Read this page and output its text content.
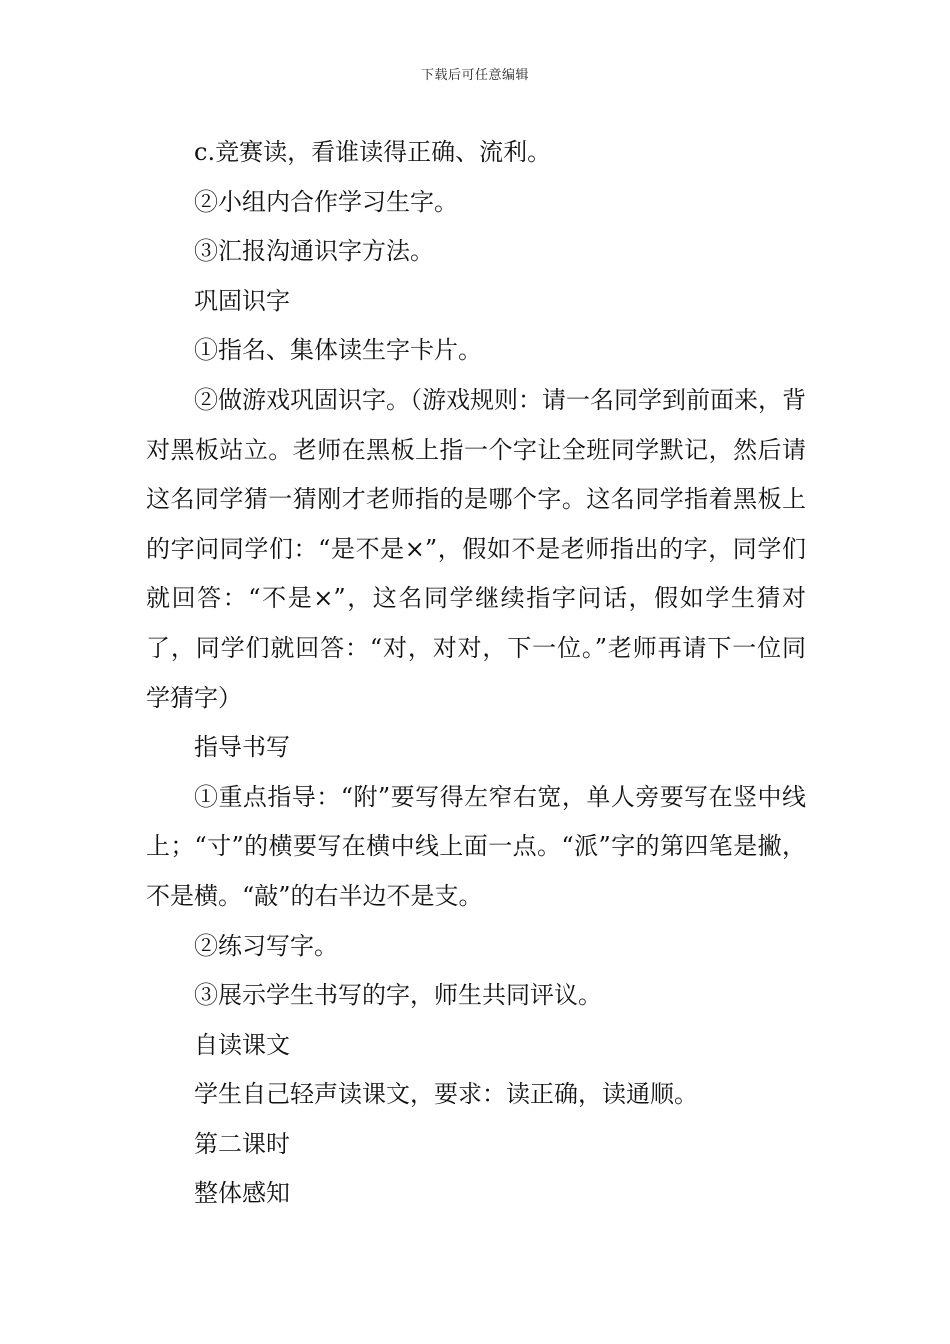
下载后可任意编辑

c.竞赛读，看谁读得正确、流利。

②小组内合作学习生字。

③汇报沟通识字方法。

巩固识字

①指名、集体读生字卡片。

②做游戏巩固识字。（游戏规则：请一名同学到前面来，背对黑板站立。老师在黑板上指一个字让全班同学默记，然后请这名同学猜一猜刚才老师指的是哪个字。这名同学指着黑板上的字问同学们：“是不是×”，假如不是老师指出的字，同学们就回答：“不是×”，这名同学继续指字问话，假如学生猜对了，同学们就回答：“对，对对，下一位。”老师再请下一位同学猜字）

指导书写

①重点指导：“附”要写得左窄右宽，单人旁要写在竖中线上；“寸”的横要写在横中线上面一点。“派”字的第四笔是撇，不是横。“敲”的右半边不是支。

②练习写字。

③展示学生书写的字，师生共同评议。

自读课文

学生自己轻声读课文，要求：读正确，读通顺。

第二课时

整体感知
